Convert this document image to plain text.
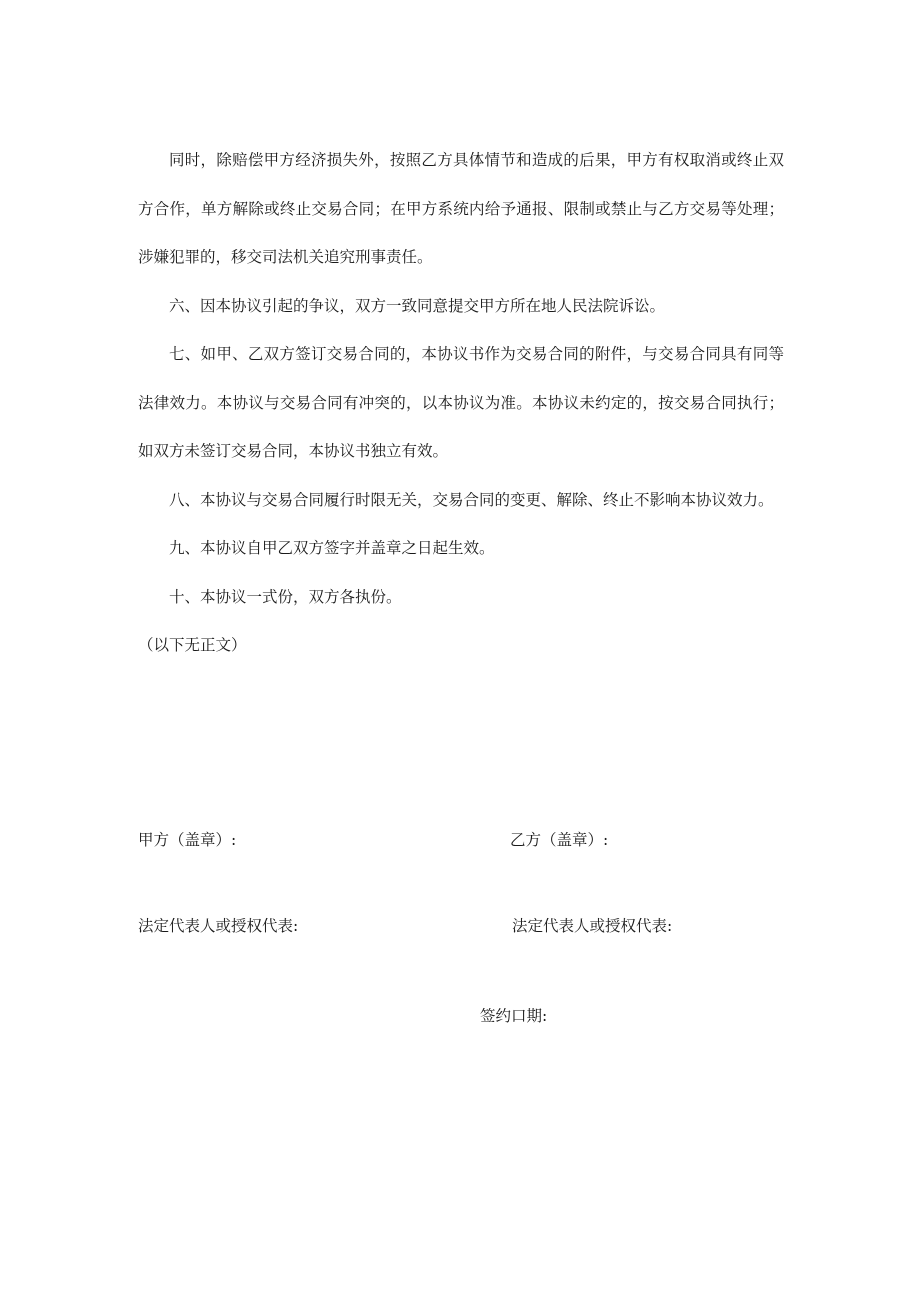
同时，除赔偿甲方经济损失外，按照乙方具体情节和造成的后果，甲方有权取消或终止双方合作，单方解除或终止交易合同；在甲方系统内给予通报、限制或禁止与乙方交易等处理；涉嫌犯罪的，移交司法机关追究刑事责任。

六、因本协议引起的争议，双方一致同意提交甲方所在地人民法院诉讼。

七、如甲、乙双方签订交易合同的，本协议书作为交易合同的附件，与交易合同具有同等法律效力。本协议与交易合同有冲突的，以本协议为准。本协议未约定的，按交易合同执行；如双方未签订交易合同，本协议书独立有效。

八、本协议与交易合同履行时限无关，交易合同的变更、解除、终止不影响本协议效力。

九、本协议自甲乙双方签字并盖章之日起生效。

十、本协议一式份，双方各执份。

（以下无正文）

甲方（盖章）:	乙方（盖章）:
法定代表人或授权代表:	法定代表人或授权代表:
签约口期:
